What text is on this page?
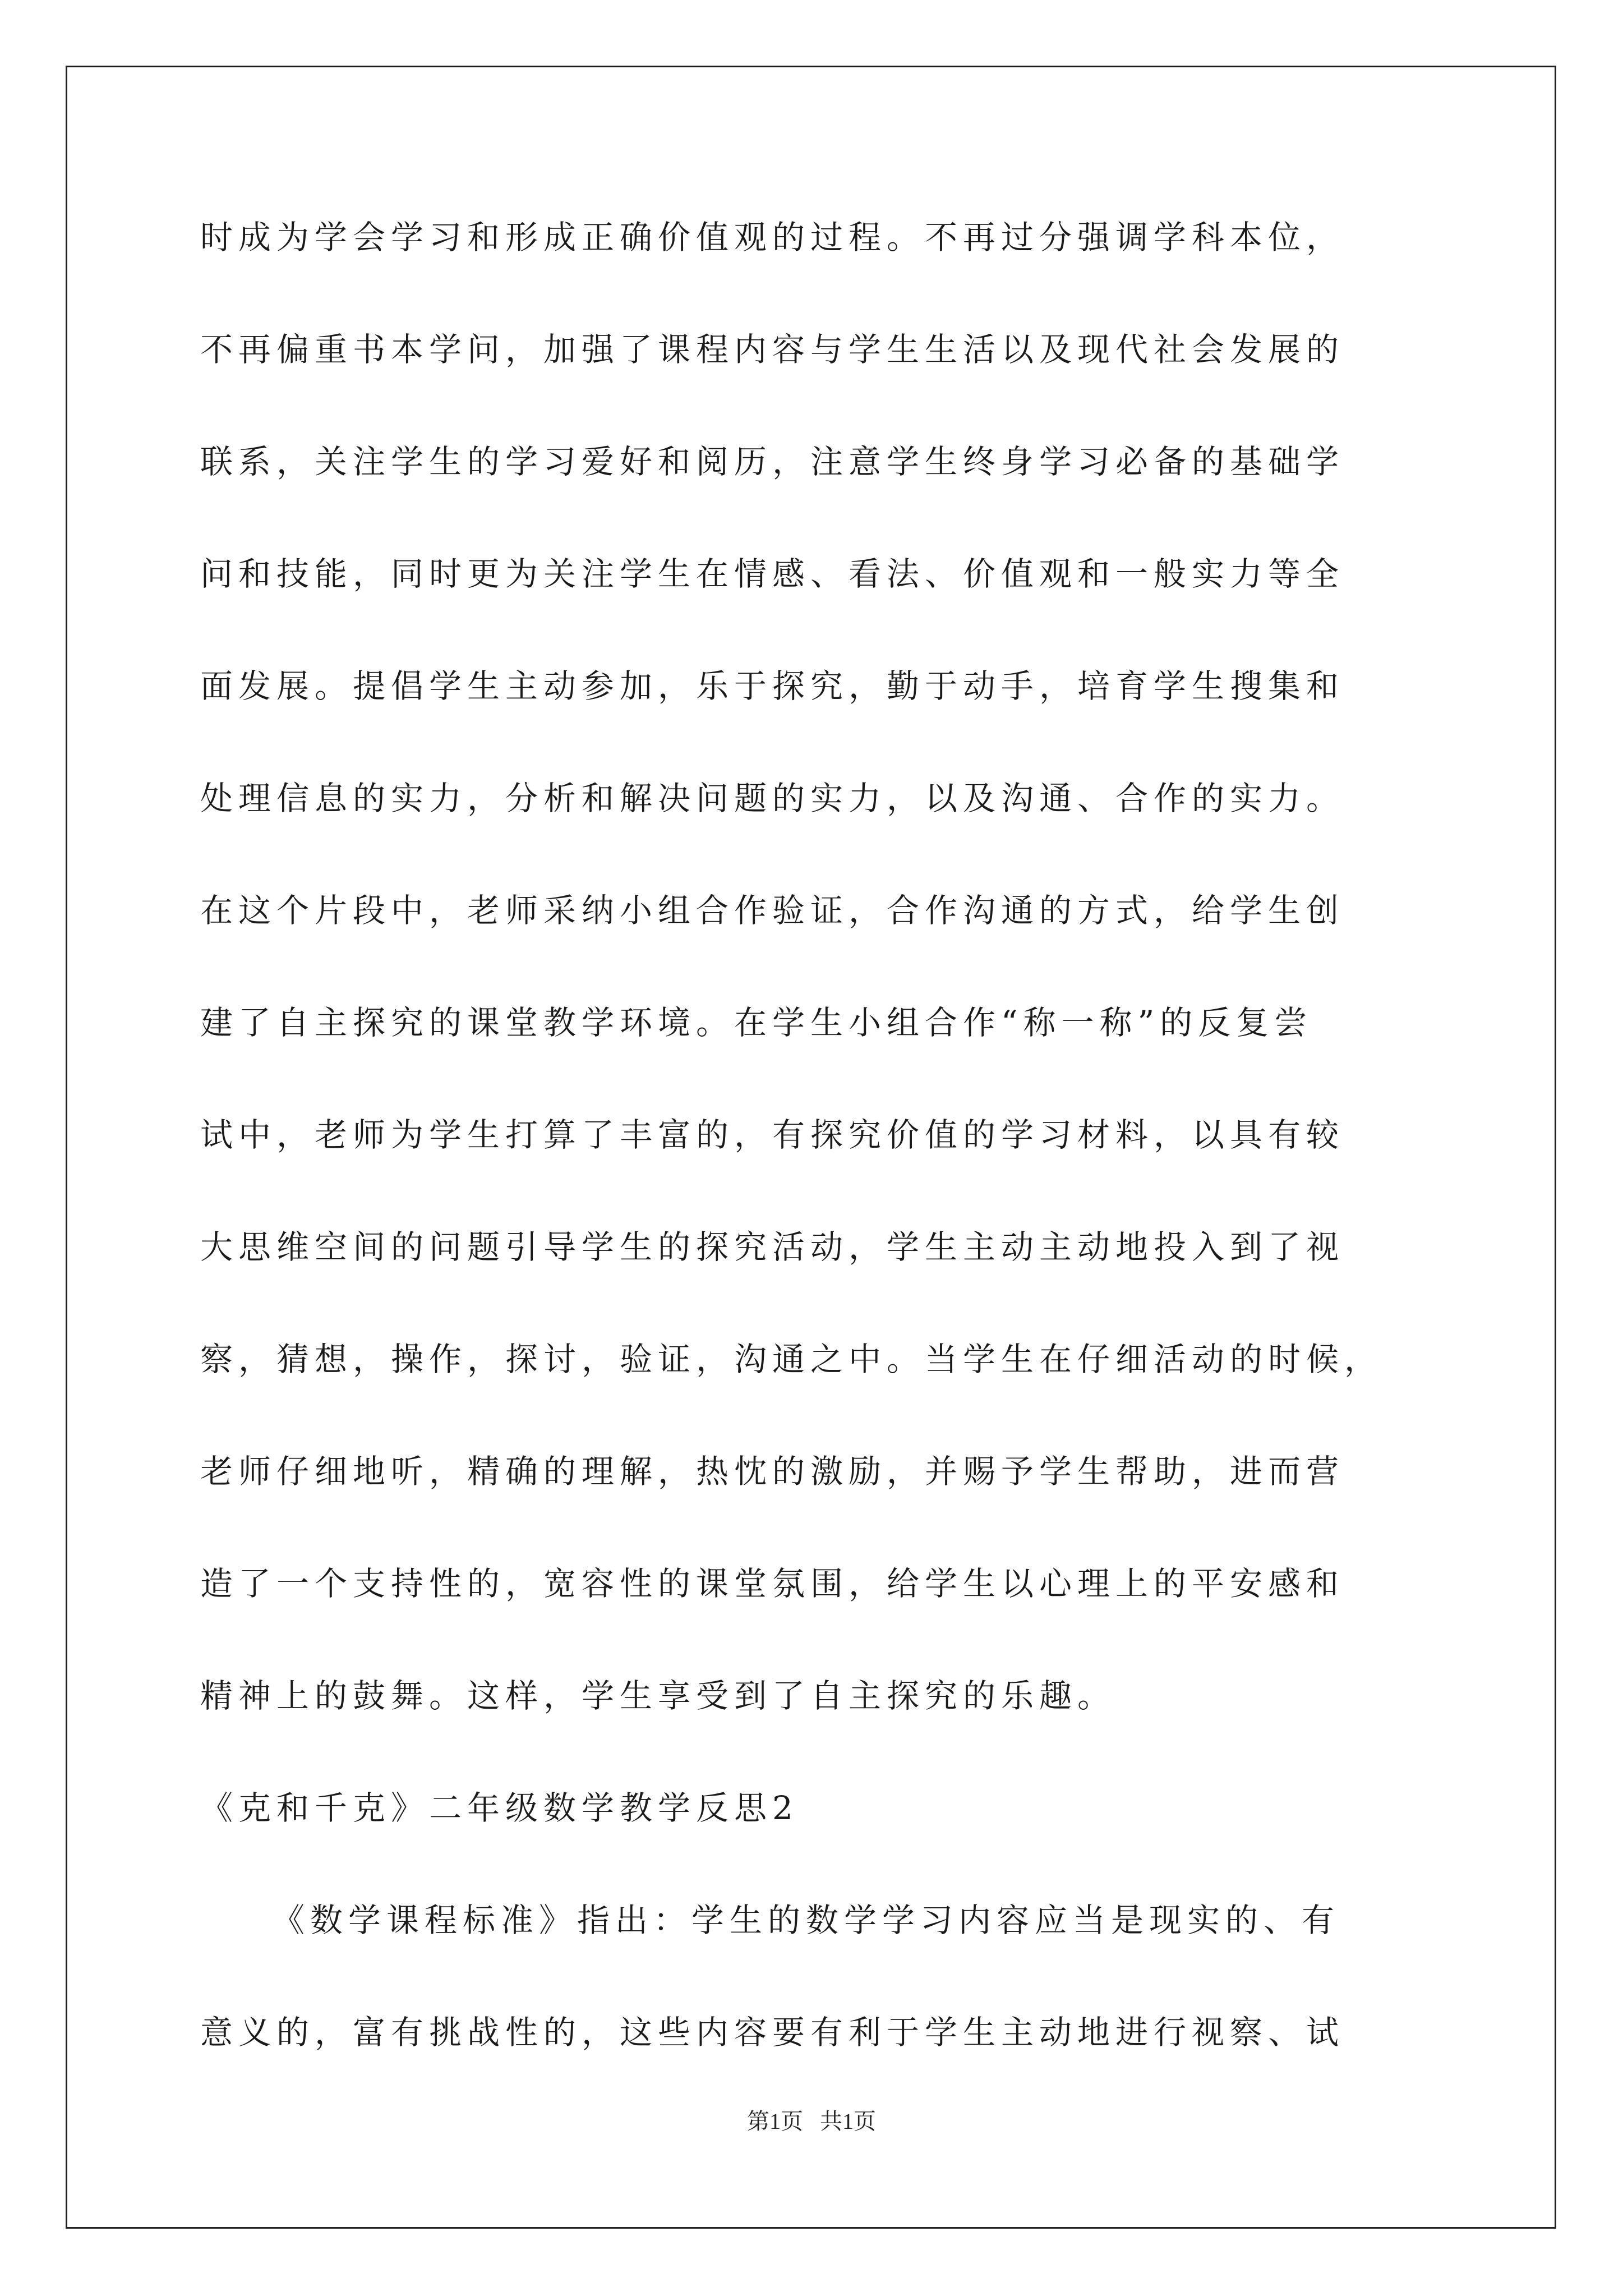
时成为学会学习和形成正确价值观的过程。不再过分强调学科本位，
不再偏重书本学问，加强了课程内容与学生生活以及现代社会发展的
联系，关注学生的学习爱好和阅历，注意学生终身学习必备的基础学
问和技能，同时更为关注学生在情感、看法、价值观和一般实力等全
面发展。提倡学生主动参加，乐于探究，勤于动手，培育学生搜集和
处理信息的实力，分析和解决问题的实力，以及沟通、合作的实力。
在这个片段中，老师采纳小组合作验证，合作沟通的方式，给学生创
建了自主探究的课堂教学环境。在学生小组合作“称一称”的反复尝
试中，老师为学生打算了丰富的，有探究价值的学习材料，以具有较
大思维空间的问题引导学生的探究活动，学生主动主动地投入到了视
察，猜想，操作，探讨，验证，沟通之中。当学生在仔细活动的时候，
老师仔细地听，精确的理解，热忱的激励，并赐予学生帮助，进而营
造了一个支持性的，宽容性的课堂氛围，给学生以心理上的平安感和
精神上的鼓舞。这样，学生享受到了自主探究的乐趣。
《克和千克》二年级数学教学反思2
《数学课程标准》指出：学生的数学学习内容应当是现实的、有
意义的，富有挑战性的，这些内容要有利于学生主动地进行视察、试
第1页   共1页
